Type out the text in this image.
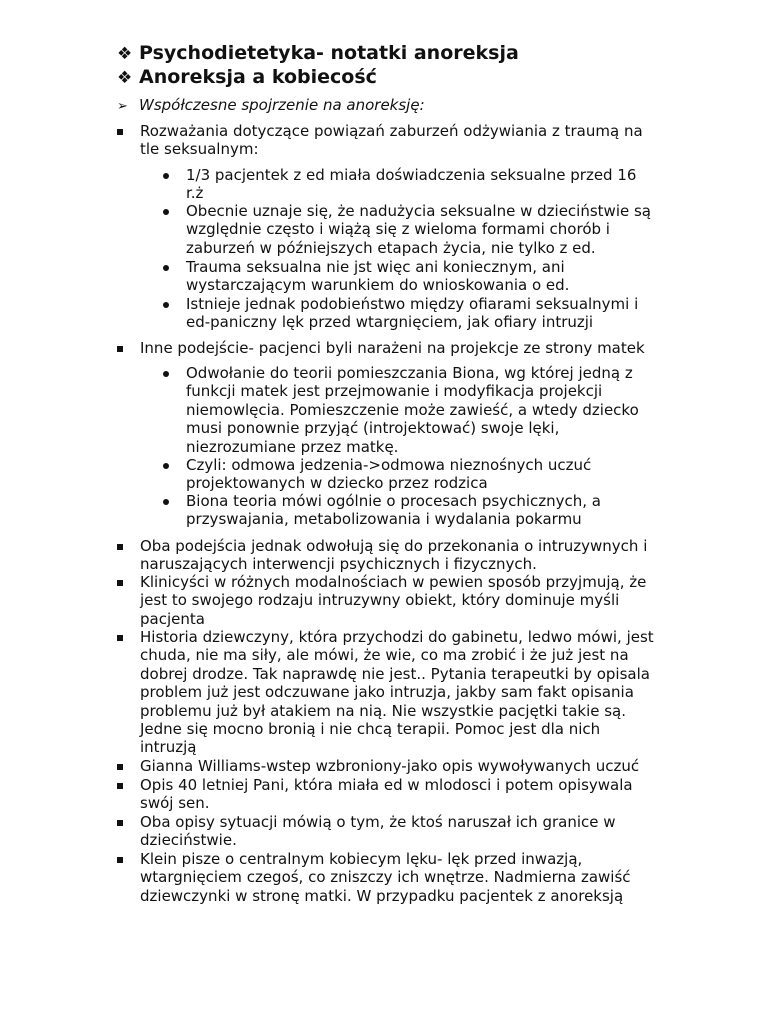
❖ Psychodietetyka- notatki anoreksja
❖ Anoreksja a kobiecość
➢ Współczesne spojrzenie na anoreksję:
Rozważania dotyczące powiązań zaburzeń odżywiania z traumą na
tle seksualnym:
1/3 pacjentek z ed miała doświadczenia seksualne przed 16
r.ż
Obecnie uznaje się, że nadużycia seksualne w dzieciństwie są
względnie często i wiążą się z wieloma formami chorób i
zaburzeń w późniejszych etapach życia, nie tylko z ed.
Trauma seksualna nie jst więc ani koniecznym, ani
wystarczającym warunkiem do wnioskowania o ed.
Istnieje jednak podobieństwo między ofiarami seksualnymi i
ed-paniczny lęk przed wtargnięciem, jak ofiary intruzji
Inne podejście- pacjenci byli narażeni na projekcje ze strony matek
Odwołanie do teorii pomieszczania Biona, wg której jedną z
funkcji matek jest przejmowanie i modyfikacja projekcji
niemowlęcia. Pomieszczenie może zawieść, a wtedy dziecko
musi ponownie przyjąć (introjektować) swoje lęki,
niezrozumiane przez matkę.
Czyli: odmowa jedzenia->odmowa nieznośnych uczuć
projektowanych w dziecko przez rodzica
Biona teoria mówi ogólnie o procesach psychicznych, a
przyswajania, metabolizowania i wydalania pokarmu
Oba podejścia jednak odwołują się do przekonania o intruzywnych i
naruszających interwencji psychicznych i fizycznych.
Klinicyści w różnych modalnościach w pewien sposób przyjmują, że
jest to swojego rodzaju intruzywny obiekt, który dominuje myśli
pacjenta
Historia dziewczyny, która przychodzi do gabinetu, ledwo mówi, jest
chuda, nie ma siły, ale mówi, że wie, co ma zrobić i że już jest na
dobrej drodze. Tak naprawdę nie jest.. Pytania terapeutki by opisala
problem już jest odczuwane jako intruzja, jakby sam fakt opisania
problemu już był atakiem na nią. Nie wszystkie pacjętki takie są.
Jedne się mocno bronią i nie chcą terapii. Pomoc jest dla nich
intruzją
Gianna Williams-wstep wzbroniony-jako opis wywoływanych uczuć
Opis 40 letniej Pani, która miała ed w mlodosci i potem opisywala
swój sen.
Oba opisy sytuacji mówią o tym, że ktoś naruszał ich granice w
dzieciństwie.
Klein pisze o centralnym kobiecym lęku- lęk przed inwazją,
wtargnięciem czegoś, co zniszczy ich wnętrze. Nadmierna zawiść
dziewczynki w stronę matki. W przypadku pacjentek z anoreksją
